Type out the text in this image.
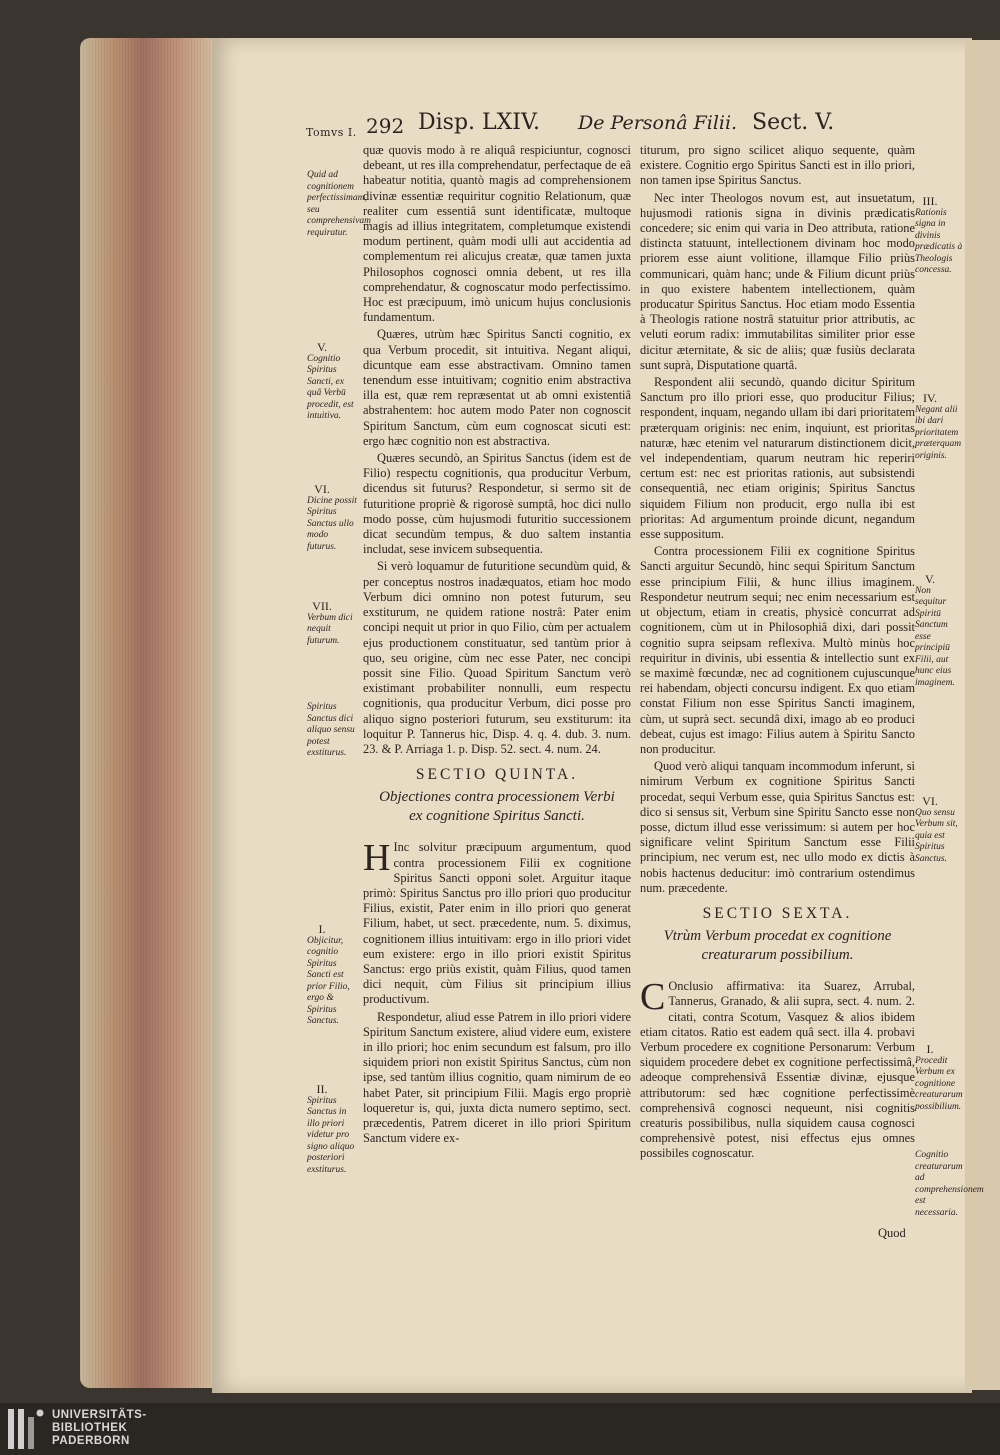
Tomvs I. 292 Disp. LXIV. De Personâ Filii. Sect. V.
Quid ad cognitionem perfectissimam, seu comprehensivam requiratur.
V.
Cognitio Spiritus Sancti, ex quâ Verbū procedit, est intuitiva.
VI.
Dicine possit Spiritus Sanctus ullo modo futurus.
VII.
Verbum dici nequit futurum.
Spiritus Sanctus dici aliquo sensu potest exstiturus.
I.
Objicitur, cognitio Spiritus Sancti est prior Filio, ergo & Spiritus Sanctus.
II.
Spiritus Sanctus in illo priori videtur pro signo aliquo posteriori exstiturus.

quæ quovis modo à re aliquâ respiciuntur, cognosci debeant, ut res illa comprehendatur, perfectaque de eâ habeatur notitia, quantò magis ad comprehensionem divinæ essentiæ requiritur cognitio Relationum, quæ realiter cum essentiâ sunt identificatæ, multoque magis ad illius integritatem, completumque existendi modum pertinent, quàm modi ulli aut accidentia ad complementum rei alicujus creatæ, quæ tamen juxta Philosophos cognosci omnia debent, ut res illa comprehendatur, & cognoscatur modo perfectissimo. Hoc est præcipuum, imò unicum hujus conclusionis fundamentum.

Quæres, utrùm hæc Spiritus Sancti cognitio, ex qua Verbum procedit, sit intuitiva. Negant aliqui, dicuntque eam esse abstractivam. Omnino tamen tenendum esse intuitivam; cognitio enim abstractiva illa est, quæ rem repræsentat ut ab omni existentiâ abstrahentem: hoc autem modo Pater non cognoscit Spiritum Sanctum, cùm eum cognoscat sicuti est: ergo hæc cognitio non est abstractiva.

Quæres secundò, an Spiritus Sanctus (idem est de Filio) respectu cognitionis, qua producitur Verbum, dicendus sit futurus? Respondetur, si sermo sit de futuritione propriè & rigorosè sumptâ, hoc dici nullo modo posse, cùm hujusmodi futuritio successionem dicat secundùm tempus, & duo saltem instantia includat, sese invicem subsequentia.

Si verò loquamur de futuritione secundùm quid, & per conceptus nostros inadæquatos, etiam hoc modo Verbum dici omnino non potest futurum, seu exstiturum, ne quidem ratione nostrâ: Pater enim concipi nequit ut prior in quo Filio, cùm per actualem ejus productionem constituatur, sed tantùm prior à quo, seu origine, cùm nec esse Pater, nec concipi possit sine Filio. Quoad Spiritum Sanctum verò existimant probabiliter nonnulli, eum respectu cognitionis, qua producitur Verbum, dici posse pro aliquo signo posteriori futurum, seu exstiturum: ita loquitur P. Tannerus hic, Disp. 4. q. 4. dub. 3. num. 23. & P. Arriaga 1. p. Disp. 52. sect. 4. num. 24.

SECTIO QUINTA.

Objectiones contra processionem Verbi ex cognitione Spiritus Sancti.

H Inc solvitur præcipuum argumentum, quod contra processionem Filii ex cognitione Spiritus Sancti opponi solet. Arguitur itaque primò: Spiritus Sanctus pro illo priori quo producitur Filius, existit, Pater enim in illo priori quo generat Filium, habet, ut sect. præcedente, num. 5. diximus, cognitionem illius intuitivam: ergo in illo priori videt eum existere: ergo in illo priori existit Spiritus Sanctus: ergo priùs existit, quàm Filius, quod tamen dici nequit, cùm Filius sit principium illius productivum.

Respondetur, aliud esse Patrem in illo priori videre Spiritum Sanctum existere, aliud videre eum, existere in illo priori; hoc enim secundum est falsum, pro illo siquidem priori non existit Spiritus Sanctus, cùm non ipse, sed tantùm illius cognitio, quam nimirum de eo habet Pater, sit principium Filii. Magis ergo propriè loqueretur is, qui, juxta dicta numero septimo, sect. præcedentis, Patrem diceret in illo priori Spiritum Sanctum videre ex-

titurum, pro signo scilicet aliquo sequente, quàm existere. Cognitio ergo Spiritus Sancti est in illo priori, non tamen ipse Spiritus Sanctus.

Nec inter Theologos novum est, aut insuetatum, hujusmodi rationis signa in divinis prædicatis concedere; sic enim qui varia in Deo attributa, ratione distincta statuunt, intellectionem divinam hoc modo priorem esse aiunt volitione, illamque Filio priùs communicari, quàm hanc; unde & Filium dicunt priùs in quo existere habentem intellectionem, quàm producatur Spiritus Sanctus. Hoc etiam modo Essentia à Theologis ratione nostrâ statuitur prior attributis, ac veluti eorum radix: immutabilitas similiter prior esse dicitur æternitate, & sic de aliis; quæ fusiùs declarata sunt suprà, Disputatione quartâ.

Respondent alii secundò, quando dicitur Spiritum Sanctum pro illo priori esse, quo producitur Filius; respondent, inquam, negando ullam ibi dari prioritatem præterquam originis: nec enim, inquiunt, est prioritas naturæ, hæc etenim vel naturarum distinctionem dicit, vel independentiam, quarum neutram hic reperiri certum est: nec est prioritas rationis, aut subsistendi consequentiâ, nec etiam originis; Spiritus Sanctus siquidem Filium non producit, ergo nulla ibi est prioritas: Ad argumentum proinde dicunt, negandum esse suppositum.

Contra processionem Filii ex cognitione Spiritus Sancti arguitur Secundò, hinc sequi Spiritum Sanctum esse principium Filii, & hunc illius imaginem. Respondetur neutrum sequi; nec enim necessarium est ut objectum, etiam in creatis, physicè concurrat ad cognitionem, cùm ut in Philosophiâ dixi, dari possit cognitio supra seipsam reflexiva. Multò minùs hoc requiritur in divinis, ubi essentia & intellectio sunt ex se maximè fœcundæ, nec ad cognitionem cujuscunque rei habendam, objecti concursu indigent. Ex quo etiam constat Filium non esse Spiritus Sancti imaginem, cùm, ut suprà sect. secundâ dixi, imago ab eo produci debeat, cujus est imago: Filius autem à Spiritu Sancto non producitur.

Quod verò aliqui tanquam incommodum inferunt, si nimirum Verbum ex cognitione Spiritus Sancti procedat, sequi Verbum esse, quia Spiritus Sanctus est: dico si sensus sit, Verbum sine Spiritu Sancto esse non posse, dictum illud esse verissimum: si autem per hoc significare velint Spiritum Sanctum esse Filii principium, nec verum est, nec ullo modo ex dictis à nobis hactenus deducitur: imò contrarium ostendimus num. præcedente.

SECTIO SEXTA.

Vtrùm Verbum procedat ex cognitione creaturarum possibilium.

C Onclusio affirmativa: ita Suarez, Arrubal, Tannerus, Granado, & alii supra, sect. 4. num. 2. citati, contra Scotum, Vasquez & alios ibidem etiam citatos. Ratio est eadem quâ sect. illa 4. probavi Verbum procedere ex cognitione Personarum: Verbum siquidem procedere debet ex cognitione perfectissimâ, adeoque comprehensivâ Essentiæ divinæ, ejusque attributorum: sed hæc cognitione perfectissimè comprehensivâ cognosci nequeunt, nisi cognitis creaturis possibilibus, nulla siquidem causa cognosci comprehensivè potest, nisi effectus ejus omnes possibiles cognoscatur.

Quod
III.
Rationis signa in divinis prædicatis à Theologis concessa.
IV.
Negant alii ibi dari prioritatem præterquam originis.
V.
Non sequitur Spiritū Sanctum esse principiū Filii, aut hunc eius imaginem.
VI.
Quo sensu Verbum sit, quia est Spiritus Sanctus.
I.
Procedit Verbum ex cognitione creaturarum possibilium.
Cognitio creaturarum ad comprehensionem est necessaria.
UNIVERSITÄTS-
BIBLIOTHEK
PADERBORN
